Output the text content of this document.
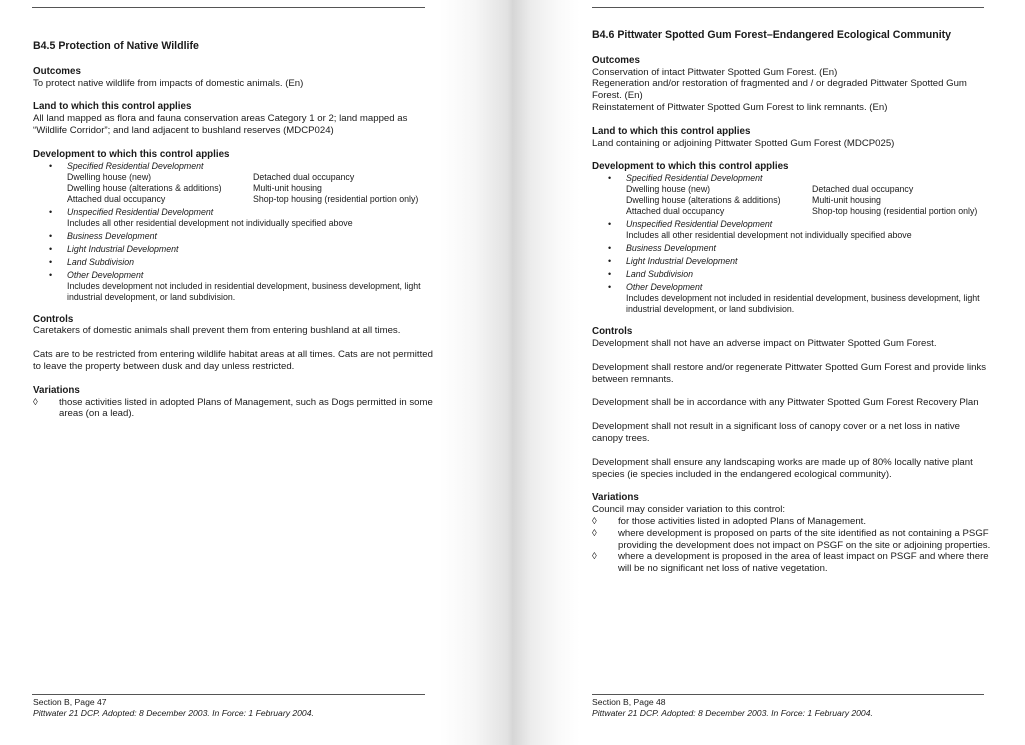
B4.5 Protection of Native Wildlife
Outcomes

To protect native wildlife from impacts of domestic animals. (En)

Land to which this control applies

All land mapped as flora and fauna conservation areas Category 1 or 2; land mapped as “Wildlife Corridor”; and land adjacent to bushland reserves (MDCP024)

Development to which this control applies
• Specified Residential Development
Dwelling house (new)	Detached dual occupancy
Dwelling house (alterations & additions)	Multi-unit housing
Attached dual occupancy	Shop-top housing (residential portion only)
• Unspecified Residential Development
Includes all other residential development not individually specified above
• Business Development
• Light Industrial Development
• Land Subdivision
• Other Development
Includes development not included in residential development, business development, light industrial development, or land subdivision.
Controls

Caretakers of domestic animals shall prevent them from entering bushland at all times.

Cats are to be restricted from entering wildlife habitat areas at all times. Cats are not permitted to leave the property between dusk and day unless restricted.

Variations
◊ those activities listed in adopted Plans of Management, such as Dogs permitted in some areas (on a lead).
Section B, Page 47
Pittwater 21 DCP. Adopted: 8 December 2003. In Force: 1 February 2004.
B4.6 Pittwater Spotted Gum Forest–Endangered Ecological Community
Outcomes

Conservation of intact Pittwater Spotted Gum Forest. (En)

Regeneration and/or restoration of fragmented and / or degraded Pittwater Spotted Gum Forest. (En)

Reinstatement of Pittwater Spotted Gum Forest to link remnants. (En)

Land to which this control applies

Land containing or adjoining Pittwater Spotted Gum Forest (MDCP025)

Development to which this control applies
• Specified Residential Development
Dwelling house (new)	Detached dual occupancy
Dwelling house (alterations & additions)	Multi-unit housing
Attached dual occupancy	Shop-top housing (residential portion only)
• Unspecified Residential Development
Includes all other residential development not individually specified above
• Business Development
• Light Industrial Development
• Land Subdivision
• Other Development
Includes development not included in residential development, business development, light industrial development, or land subdivision.
Controls

Development shall not have an adverse impact on Pittwater Spotted Gum Forest.

Development shall restore and/or regenerate Pittwater Spotted Gum Forest and provide links between remnants.

Development shall be in accordance with any Pittwater Spotted Gum Forest Recovery Plan

Development shall not result in a significant loss of canopy cover or a net loss in native canopy trees.

Development shall ensure any landscaping works are made up of 80% locally native plant species (ie species included in the endangered ecological community).

Variations

Council may consider variation to this control:

◊ for those activities listed in adopted Plans of Management.
◊ where development is proposed on parts of the site identified as not containing a PSGF providing the development does not impact on PSGF on the site or adjoining properties.
◊ where a development is proposed in the area of least impact on PSGF and where there will be no significant net loss of native vegetation.
Section B, Page 48
Pittwater 21 DCP. Adopted: 8 December 2003. In Force: 1 February 2004.
